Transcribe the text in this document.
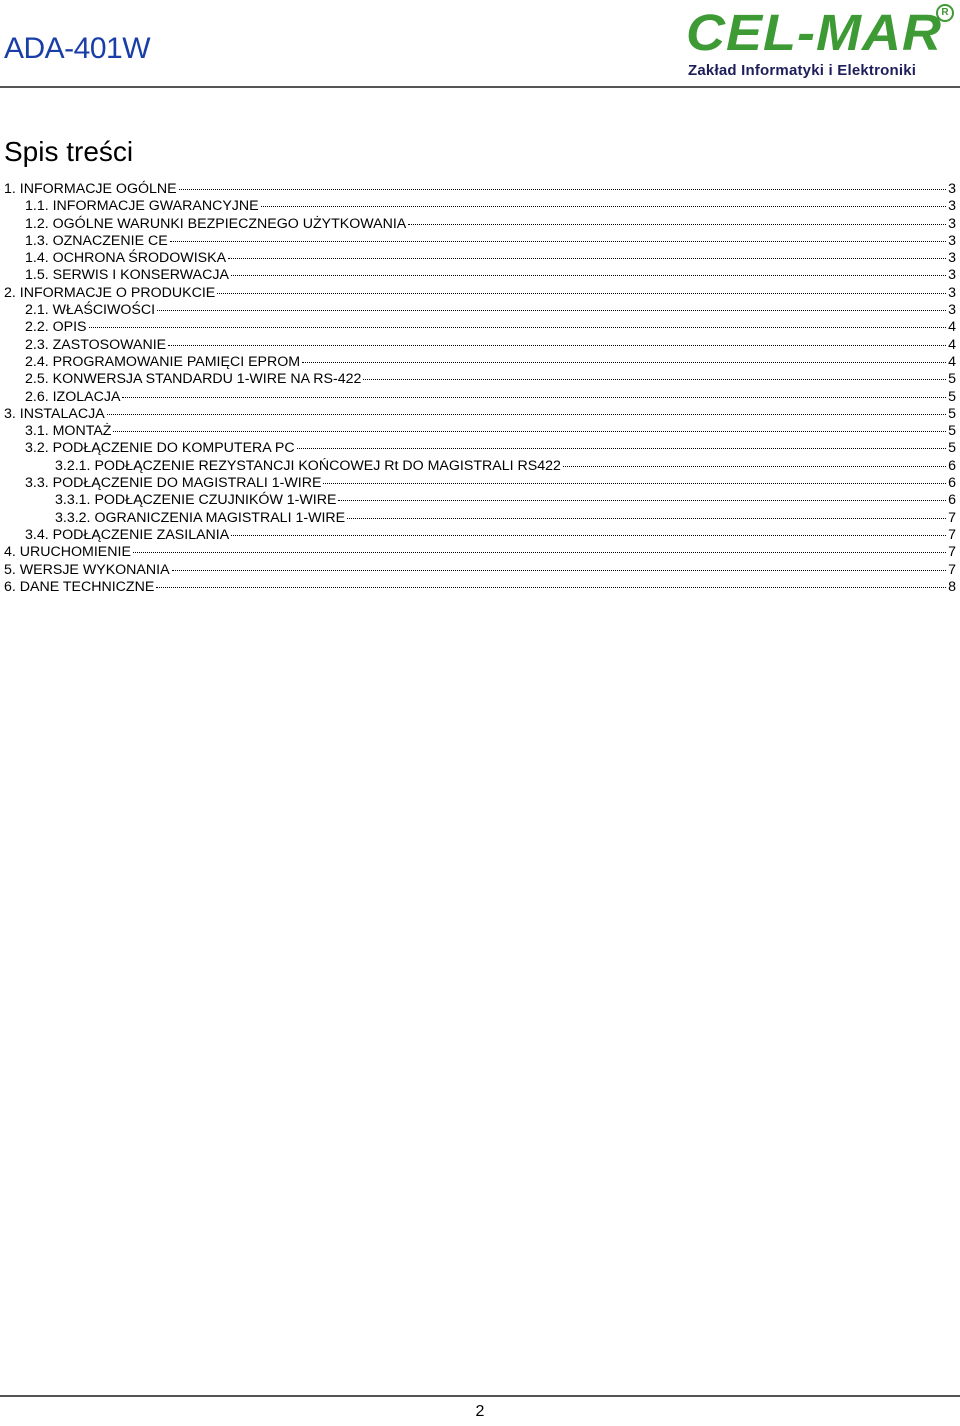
ADA-401W	CEL-MAR R
Zakład Informatyki i Elektroniki
Spis treści
1. INFORMACJE OGÓLNE	3
1.1. INFORMACJE GWARANCYJNE	3
1.2. OGÓLNE WARUNKI BEZPIECZNEGO UŻYTKOWANIA	3
1.3. OZNACZENIE CE	3
1.4. OCHRONA ŚRODOWISKA	3
1.5. SERWIS I KONSERWACJA	3
2. INFORMACJE O PRODUKCIE	3
2.1. WŁAŚCIWOŚCI	3
2.2. OPIS	4
2.3. ZASTOSOWANIE	4
2.4. PROGRAMOWANIE PAMIĘCI EPROM	4
2.5. KONWERSJA STANDARDU 1-WIRE NA RS-422	5
2.6. IZOLACJA	5
3. INSTALACJA	5
3.1. MONTAŻ	5
3.2. PODŁĄCZENIE DO KOMPUTERA PC	5
3.2.1. PODŁĄCZENIE REZYSTANCJI KOŃCOWEJ Rt DO MAGISTRALI RS422	6
3.3. PODŁĄCZENIE DO MAGISTRALI 1-WIRE	6
3.3.1. PODŁĄCZENIE CZUJNIKÓW 1-WIRE	6
3.3.2. OGRANICZENIA MAGISTRALI 1-WIRE	7
3.4. PODŁĄCZENIE ZASILANIA	7
4. URUCHOMIENIE	7
5. WERSJE WYKONANIA	7
6. DANE TECHNICZNE	8
2
